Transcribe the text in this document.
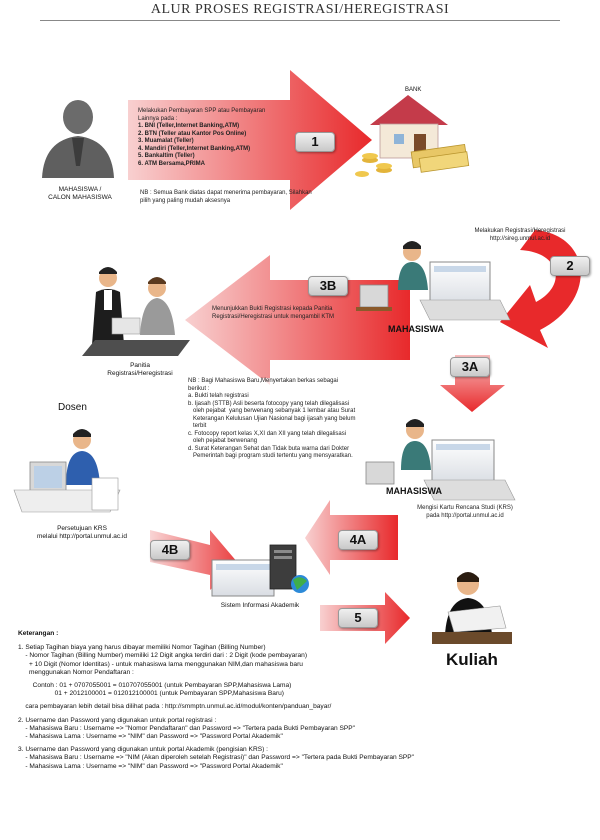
ALUR PROSES REGISTRASI/HEREGISTRASI
1
2
3B
3A
4A
4B
5
MAHASISWA /
CALON MAHASISWA
BANK
Panitia
Registrasi/Heregistrasi
MAHASISWA
MAHASISWA
Dosen
Persetujuan KRS
melalui http://portal.unmul.ac.id
Sistem Informasi Akademik
Kuliah
Melakukan Pembayaran SPP atau Pembayaran
Lainnya pada :
1. BNI (Teller,Internet Banking,ATM)
2. BTN (Teller atau Kantor Pos Online)
3. Muamalat (Teller)
4. Mandiri (Teller,Internet Banking,ATM)
5. Bankaltim (Teller)
6. ATM Bersama,PRIMA
NB : Semua Bank diatas dapat menerima pembayaran, Silahkan
pilih yang paling mudah aksesnya
Melakukan Registrasi/Heregistrasi
http://sireg.unmul.ac.id
Menunjukkan Bukti Registrasi kepada Panitia
Registrasi/Heregistrasi untuk mengambil KTM
NB : Bagi Mahasiswa Baru,Menyertakan berkas sebagai
berikut :
a. Bukti telah registrasi
b. Ijasah (STTB) Asli beserta fotocopy yang telah dilegalisasi
oleh pejabat  yang berwenang sebanyak 1 lembar atau Surat
Keterangan Kelulusan Ujian Nasional bagi ijasah yang belum
terbit
c. Fotocopy report kelas X,XI dan XII yang telah dilegalisasi
oleh pejabat berwenang
d. Surat Keterangan Sehat dan Tidak buta warna dari Dokter
Pemerintah bagi program studi tertentu yang mensyaratkan.
Mengisi Kartu Rencana Studi (KRS)
pada http://portal.unmul.ac.id
Keterangan :
1. Setiap Tagihan biaya yang harus dibayar memiliki Nomor Tagihan (Billing Number)
- Nomor Tagihan (Billing Number) memiliki 12 Digit angka terdiri dari : 2 Digit (kode pembayaran)
+ 10 Digit (Nomor Identitas) - untuk mahasiswa lama menggunakan NIM,dan mahasiswa baru
menggunakan Nomor Pendaftaran :
Contoh : 01 + 0707055001 = 010707055001 (untuk Pembayaran SPP,Mahasiswa Lama)
01 + 2012100001 = 012012100001 (untuk Pembayaran SPP,Mahasiswa Baru)
cara pembayaran lebih detail bisa dilihat pada : http://smmptn.unmul.ac.id/modul/konten/panduan_bayar/
2. Username dan Password yang digunakan untuk portal registrasi :
- Mahasiswa Baru : Username => "Nomor Pendaftaran" dan Password => "Tertera pada Bukti Pembayaran SPP"
- Mahasiswa Lama : Username => "NIM" dan Password => "Password Portal Akademik"
3. Username dan Password yang digunakan untuk portal Akademik (pengisian KRS) :
- Mahasiswa Baru : Username => "NIM (Akan diperoleh setelah Registrasi)" dan Password => "Tertera pada Bukti Pembayaran SPP"
- Mahasiswa Lama : Username => "NIM" dan Password => "Password Portal Akademik"
